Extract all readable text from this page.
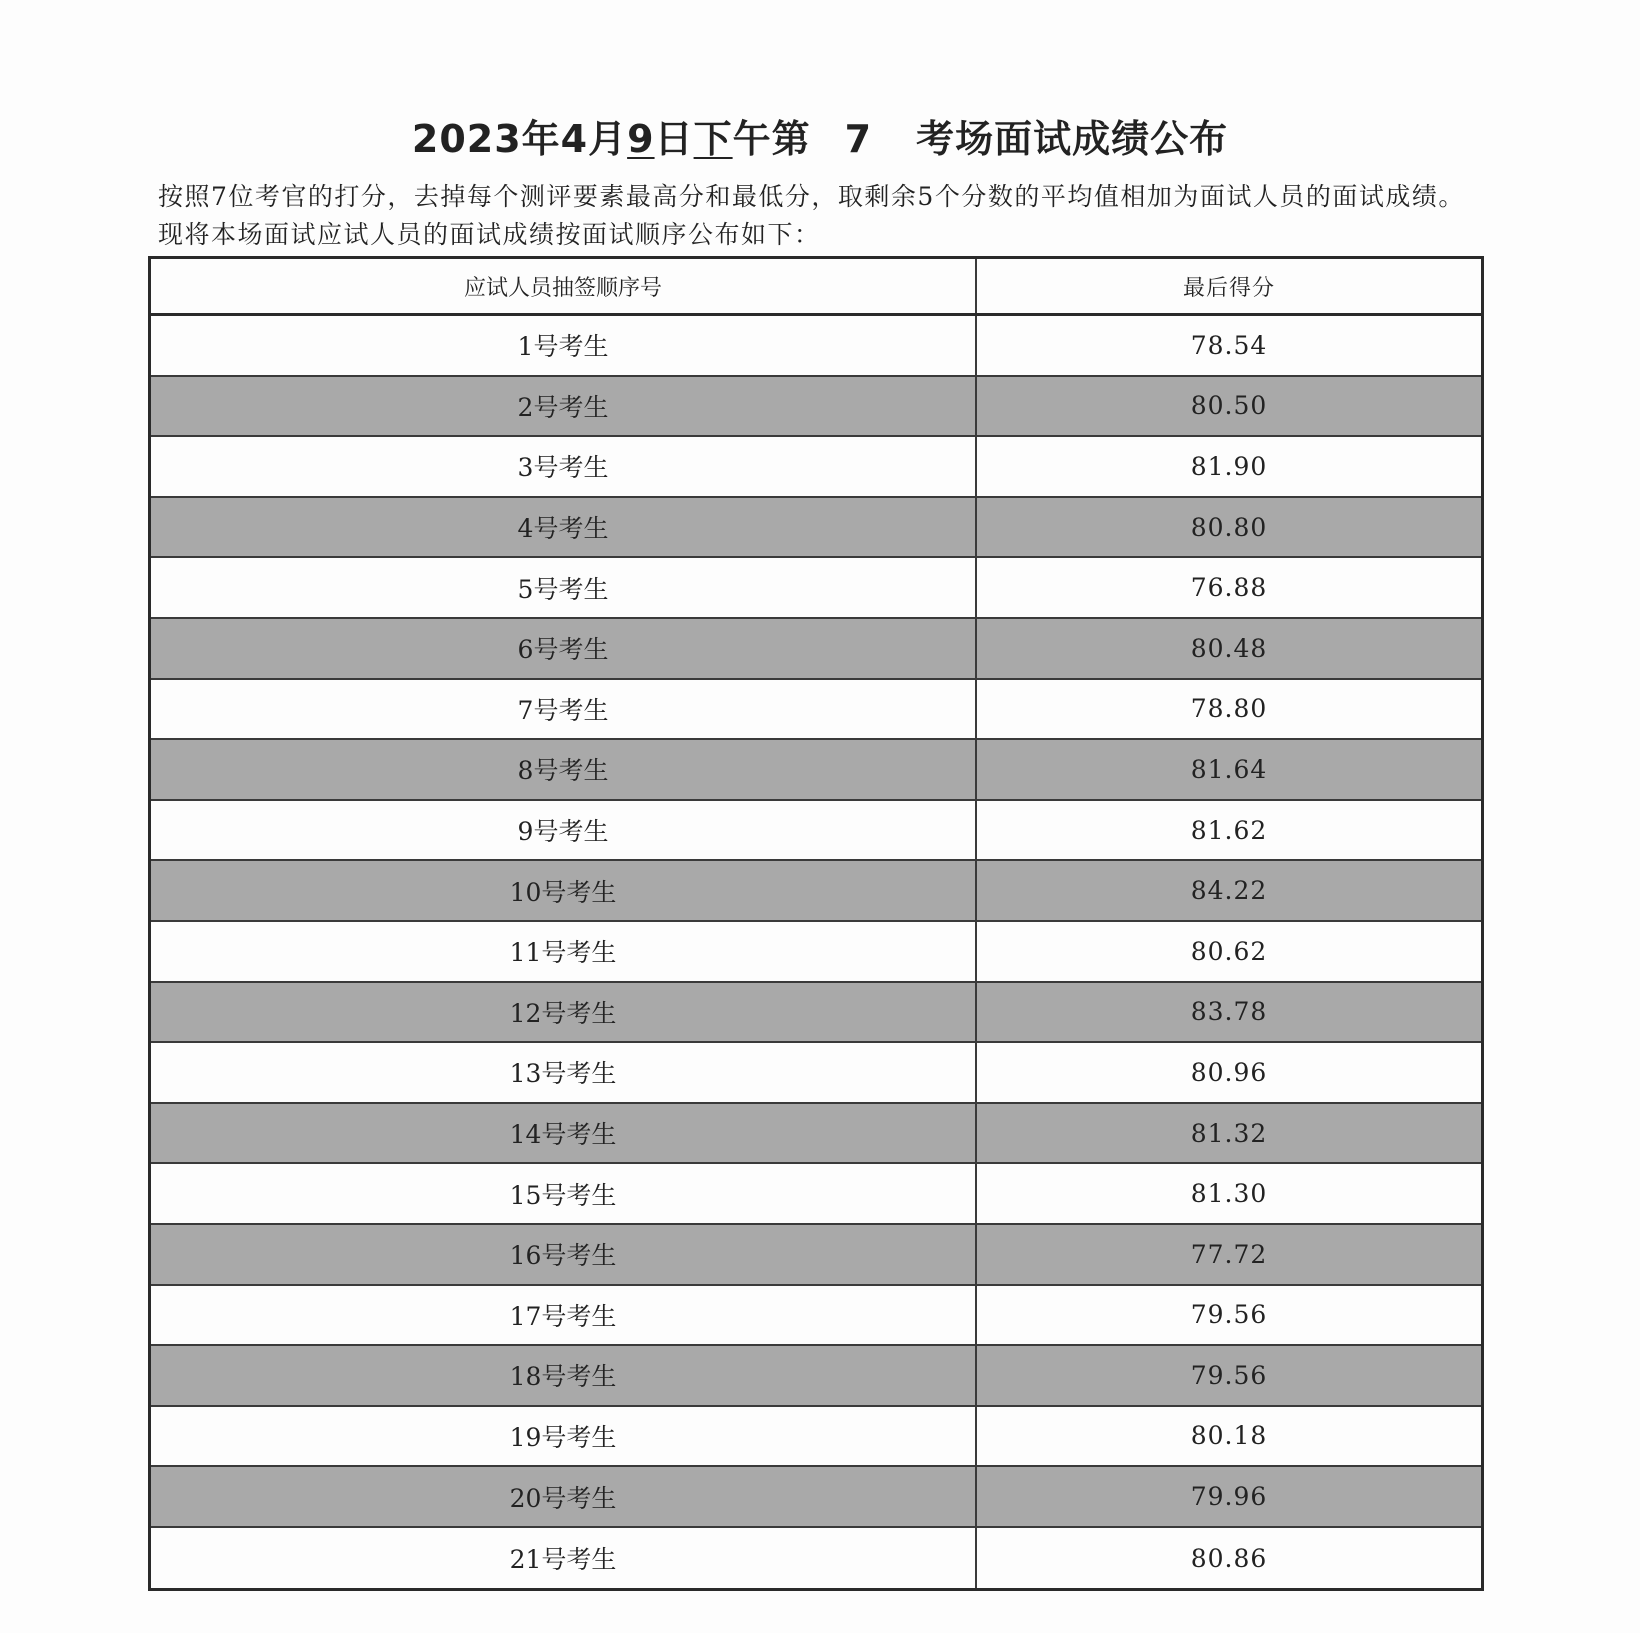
2023年4月9日下午第 7 考场面试成绩公布
按照7位考官的打分，去掉每个测评要素最高分和最低分，取剩余5个分数的平均值相加为面试人员的面试成绩。现将本场面试应试人员的面试成绩按面试顺序公布如下：
应试人员抽签顺序号	最后得分
1号考生	78.54
2号考生	80.50
3号考生	81.90
4号考生	80.80
5号考生	76.88
6号考生	80.48
7号考生	78.80
8号考生	81.64
9号考生	81.62
10号考生	84.22
11号考生	80.62
12号考生	83.78
13号考生	80.96
14号考生	81.32
15号考生	81.30
16号考生	77.72
17号考生	79.56
18号考生	79.56
19号考生	80.18
20号考生	79.96
21号考生	80.86
